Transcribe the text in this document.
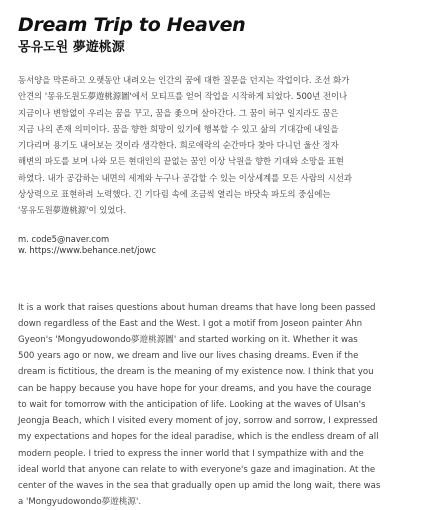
Dream Trip to Heaven
몽유도원 夢遊桃源
동서양을 막론하고 오랫동안 내려오는 인간의 꿈에 대한 질문을 던지는 작업이다. 조선 화가
안견의 '몽유도원도夢遊桃源圖'에서 모티프를 얻어 작업을 시작하게 되었다. 500년 전이나
지금이나 변함없이 우리는 꿈을 꾸고, 꿈을 좇으며 살아간다. 그 꿈이 허구 일지라도 꿈은
지금 나의 존재 의미이다. 꿈을 향한 희망이 있기에 행복할 수 있고 삶의 기대감에 내일을
기다리며 용기도 내어보는 것이라 생각한다. 희로애락의 순간마다 찾아 다니던 울산 정자
해변의 파도를 보며 나와 모든 현대인의 끝없는 꿈인 이상 낙원을 향한 기대와 소망을 표현
하였다. 내가 공감하는 내면의 세계와 누구나 공감할 수 있는 이상세계를 모든 사람의 시선과
상상력으로 표현하려 노력했다. 긴 기다림 속에 조금씩 열리는 바닷속 파도의 중심에는
'몽유도원夢遊桃源'이 있었다.
m. code5@naver.com
w. https://www.behance.net/jowc
It is a work that raises questions about human dreams that have long been passed
down regardless of the East and the West. I got a motif from Joseon painter Ahn
Gyeon's 'Mongyudowondo夢遊桃源圖' and started working on it. Whether it was
500 years ago or now, we dream and live our lives chasing dreams. Even if the
dream is fictitious, the dream is the meaning of my existence now. I think that you
can be happy because you have hope for your dreams, and you have the courage
to wait for tomorrow with the anticipation of life. Looking at the waves of Ulsan's
Jeongja Beach, which I visited every moment of joy, sorrow and sorrow, I expressed
my expectations and hopes for the ideal paradise, which is the endless dream of all
modern people. I tried to express the inner world that I sympathize with and the
ideal world that anyone can relate to with everyone's gaze and imagination. At the
center of the waves in the sea that gradually open up amid the long wait, there was
a 'Mongyudowondo夢遊桃源'.
